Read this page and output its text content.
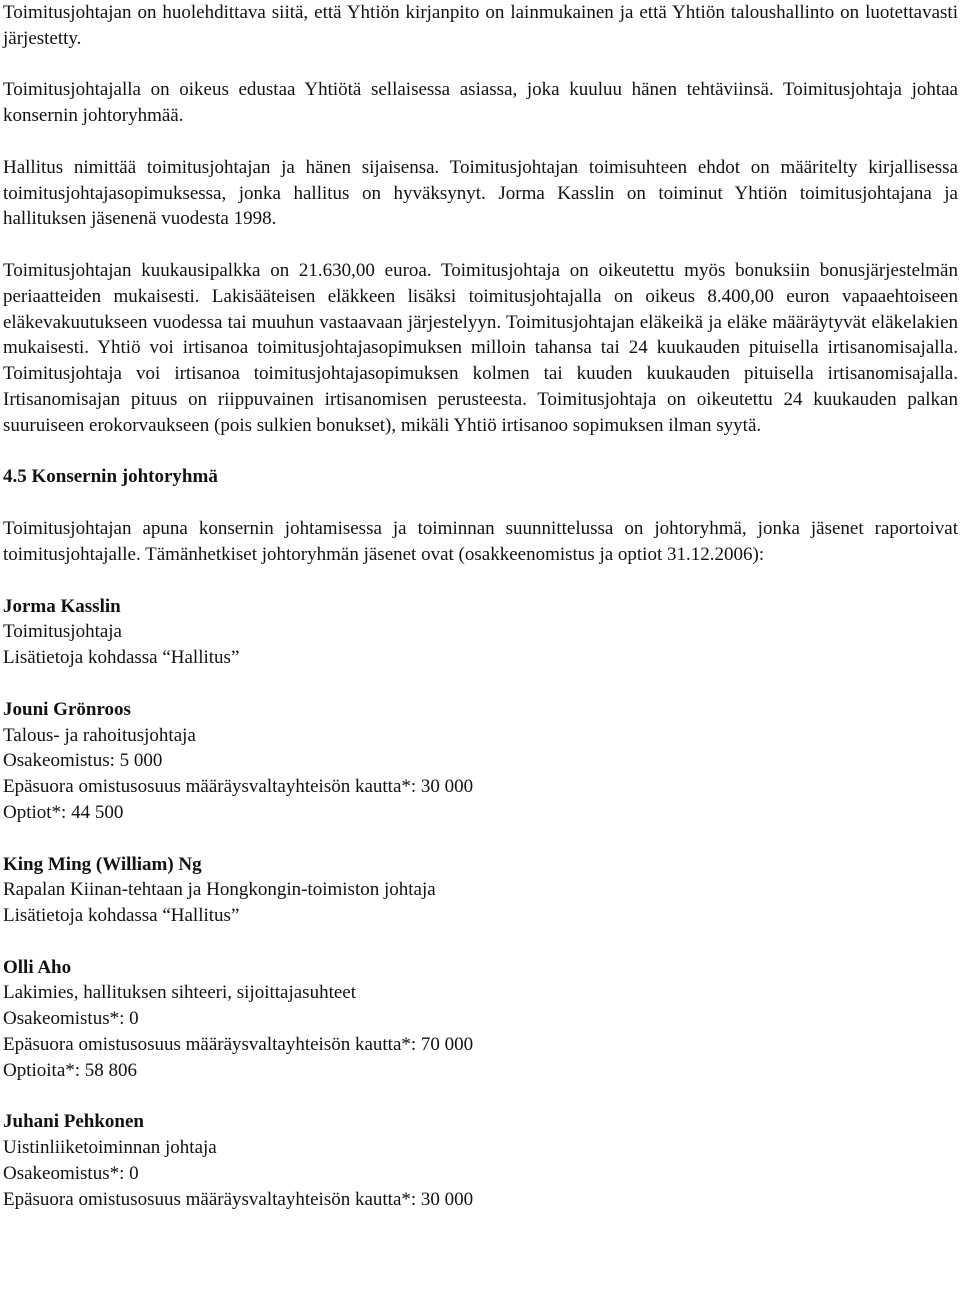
Toimitusjohtajan on huolehdittava siitä, että Yhtiön kirjanpito on lainmukainen ja että Yhtiön taloushallinto on luotettavasti järjestetty.

Toimitusjohtajalla on oikeus edustaa Yhtiötä sellaisessa asiassa, joka kuuluu hänen tehtäviinsä. Toimitusjohtaja johtaa konsernin johtoryhmää.

Hallitus nimittää toimitusjohtajan ja hänen sijaisensa. Toimitusjohtajan toimisuhteen ehdot on määritelty kirjallisessa toimitusjohtajasopimuksessa, jonka hallitus on hyväksynyt. Jorma Kasslin on toiminut Yhtiön toimitusjohtajana ja hallituksen jäsenenä vuodesta 1998.

Toimitusjohtajan kuukausipalkka on 21.630,00 euroa. Toimitusjohtaja on oikeutettu myös bonuksiin bonusjärjestelmän periaatteiden mukaisesti. Lakisääteisen eläkkeen lisäksi toimitusjohtajalla on oikeus 8.400,00 euron vapaaehtoiseen eläkevakuutukseen vuodessa tai muuhun vastaavaan järjestelyyn. Toimitusjohtajan eläkeikä ja eläke määräytyvät eläkelakien mukaisesti. Yhtiö voi irtisanoa toimitusjohtajasopimuksen milloin tahansa tai 24 kuukauden pituisella irtisanomisajalla. Toimitusjohtaja voi irtisanoa toimitusjohtajasopimuksen kolmen tai kuuden kuukauden pituisella irtisanomisajalla. Irtisanomisajan pituus on riippuvainen irtisanomisen perusteesta. Toimitusjohtaja on oikeutettu 24 kuukauden palkan suuruiseen erokorvaukseen (pois sulkien bonukset), mikäli Yhtiö irtisanoo sopimuksen ilman syytä.

4.5 Konsernin johtoryhmä

Toimitusjohtajan apuna konsernin johtamisessa ja toiminnan suunnittelussa on johtoryhmä, jonka jäsenet raportoivat toimitusjohtajalle. Tämänhetkiset johtoryhmän jäsenet ovat (osakkeenomistus ja optiot 31.12.2006):

Jorma Kasslin
Toimitusjohtaja
Lisätietoja kohdassa “Hallitus”
Jouni Grönroos
Talous- ja rahoitusjohtaja
Osakeomistus: 5 000
Epäsuora omistusosuus määräysvaltayhteisön kautta*: 30 000
Optiot*: 44 500
King Ming (William) Ng
Rapalan Kiinan-tehtaan ja Hongkongin-toimiston johtaja
Lisätietoja kohdassa “Hallitus”
Olli Aho
Lakimies, hallituksen sihteeri, sijoittajasuhteet
Osakeomistus*: 0
Epäsuora omistusosuus määräysvaltayhteisön kautta*: 70 000
Optioita*: 58 806
Juhani Pehkonen
Uistinliiketoiminnan johtaja
Osakeomistus*: 0
Epäsuora omistusosuus määräysvaltayhteisön kautta*: 30 000
